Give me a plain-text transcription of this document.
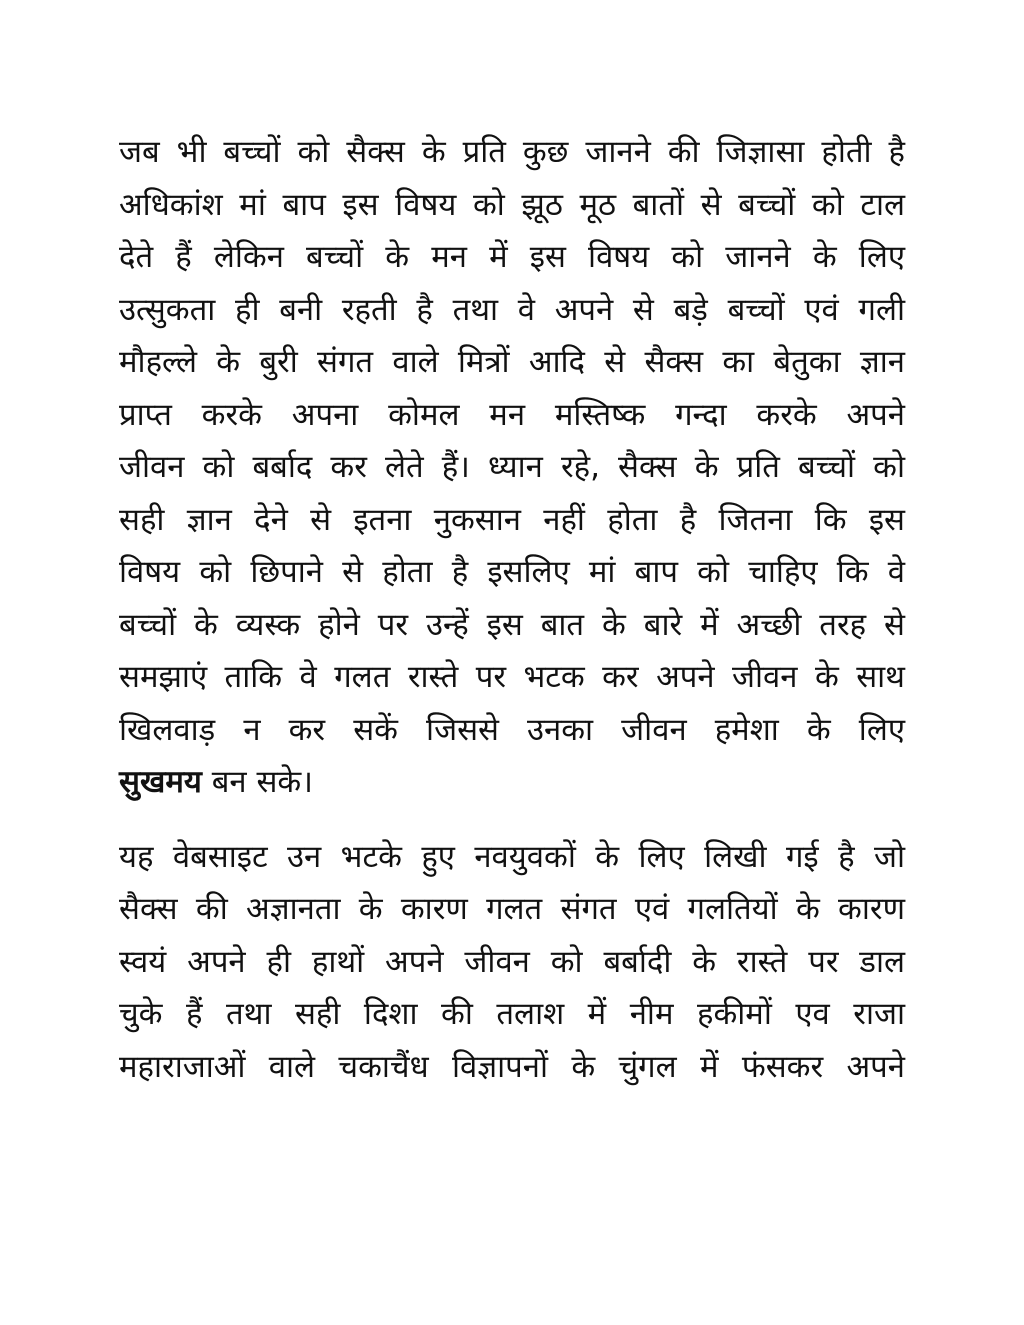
जब भी बच्चों को सैक्स के प्रति कुछ जानने की जिज्ञासा होती है
अधिकांश मां बाप इस विषय को झूठ मूठ बातों से बच्चों को टाल
देते हैं लेकिन बच्चों के मन में इस विषय को जानने के लिए
उत्सुकता ही बनी रहती है तथा वे अपने से बड़े बच्चों एवं गली
मौहल्ले के बुरी संगत वाले मित्रों आदि से सैक्स का बेतुका ज्ञान
प्राप्त करके अपना कोमल मन मस्तिष्क गन्दा करके अपने
जीवन को बर्बाद कर लेते हैं। ध्यान रहे, सैक्स के प्रति बच्चों को
सही ज्ञान देने से इतना नुकसान नहीं होता है जितना कि इस
विषय को छिपाने से होता है इसलिए मां बाप को चाहिए कि वे
बच्चों के व्यस्क होने पर उन्हें इस बात के बारे में अच्छी तरह से
समझाएं ताकि वे गलत रास्ते पर भटक कर अपने जीवन के साथ
खिलवाड़ न कर सकें जिससे उनका जीवन हमेशा के लिए
सुखमय बन सके।

यह वेबसाइट उन भटके हुए नवयुवकों के लिए लिखी गई है जो
सैक्स की अज्ञानता के कारण गलत संगत एवं गलतियों के कारण
स्वयं अपने ही हाथों अपने जीवन को बर्बादी के रास्ते पर डाल
चुके हैं तथा सही दिशा की तलाश में नीम हकीमों एव राजा
महाराजाओं वाले चकाचैंध विज्ञापनों के चुंगल में फंसकर अपने
